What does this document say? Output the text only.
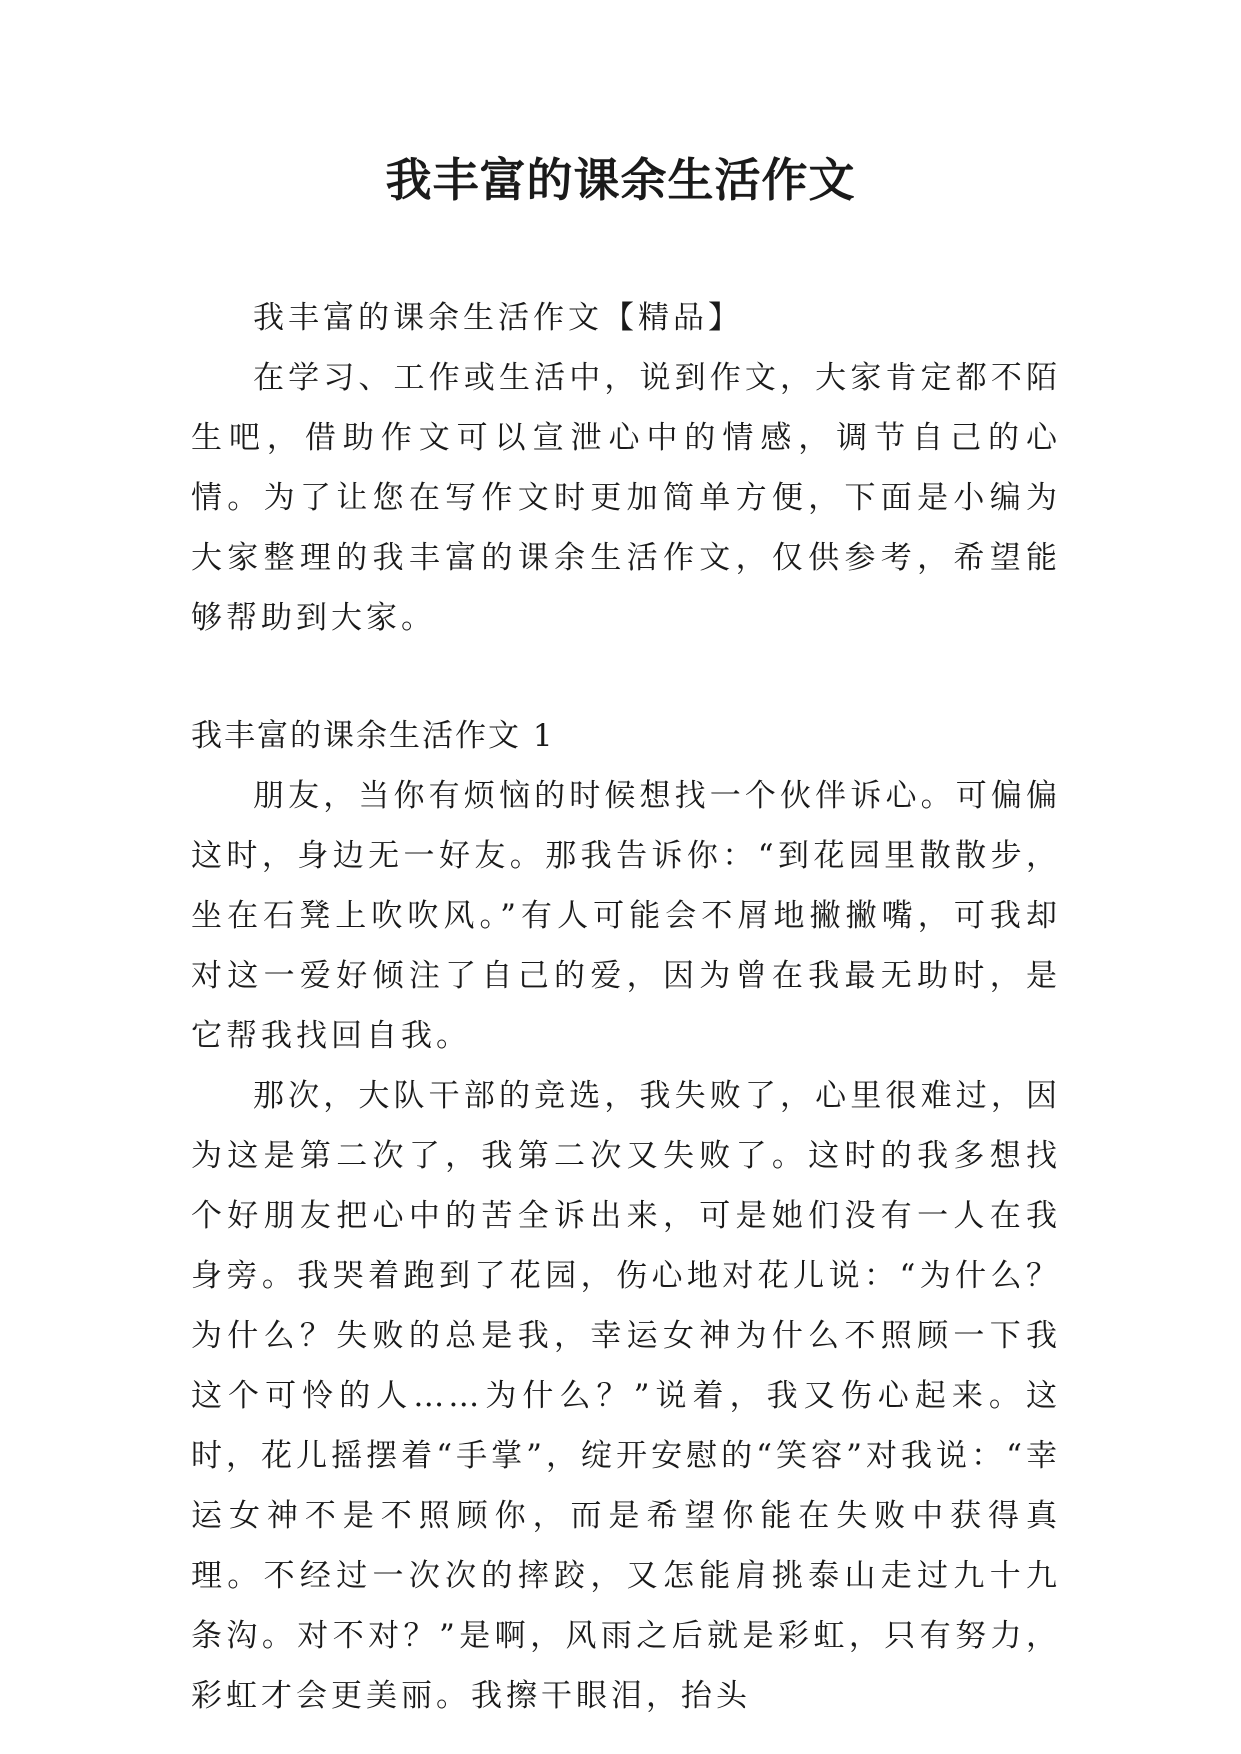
我丰富的课余生活作文

我丰富的课余生活作文【精品】

在学习、工作或生活中，说到作文，大家肯定都不陌生吧，借助作文可以宣泄心中的情感，调节自己的心情。为了让您在写作文时更加简单方便，下面是小编为大家整理的我丰富的课余生活作文，仅供参考，希望能够帮助到大家。

我丰富的课余生活作文 1

朋友，当你有烦恼的时候想找一个伙伴诉心。可偏偏这时，身边无一好友。那我告诉你：“到花园里散散步，坐在石凳上吹吹风。”有人可能会不屑地撇撇嘴，可我却对这一爱好倾注了自己的爱，因为曾在我最无助时，是它帮我找回自我。

那次，大队干部的竞选，我失败了，心里很难过，因为这是第二次了，我第二次又失败了。这时的我多想找个好朋友把心中的苦全诉出来，可是她们没有一人在我身旁。我哭着跑到了花园，伤心地对花儿说：“为什么？为什么？失败的总是我，幸运女神为什么不照顾一下我这个可怜的人……为什么？”说着，我又伤心起来。这时，花儿摇摆着“手掌”，绽开安慰的“笑容”对我说：“幸运女神不是不照顾你，而是希望你能在失败中获得真理。不经过一次次的摔跤，又怎能肩挑泰山走过九十九条沟。对不对？”是啊，风雨之后就是彩虹，只有努力，彩虹才会更美丽。我擦干眼泪，抬头
